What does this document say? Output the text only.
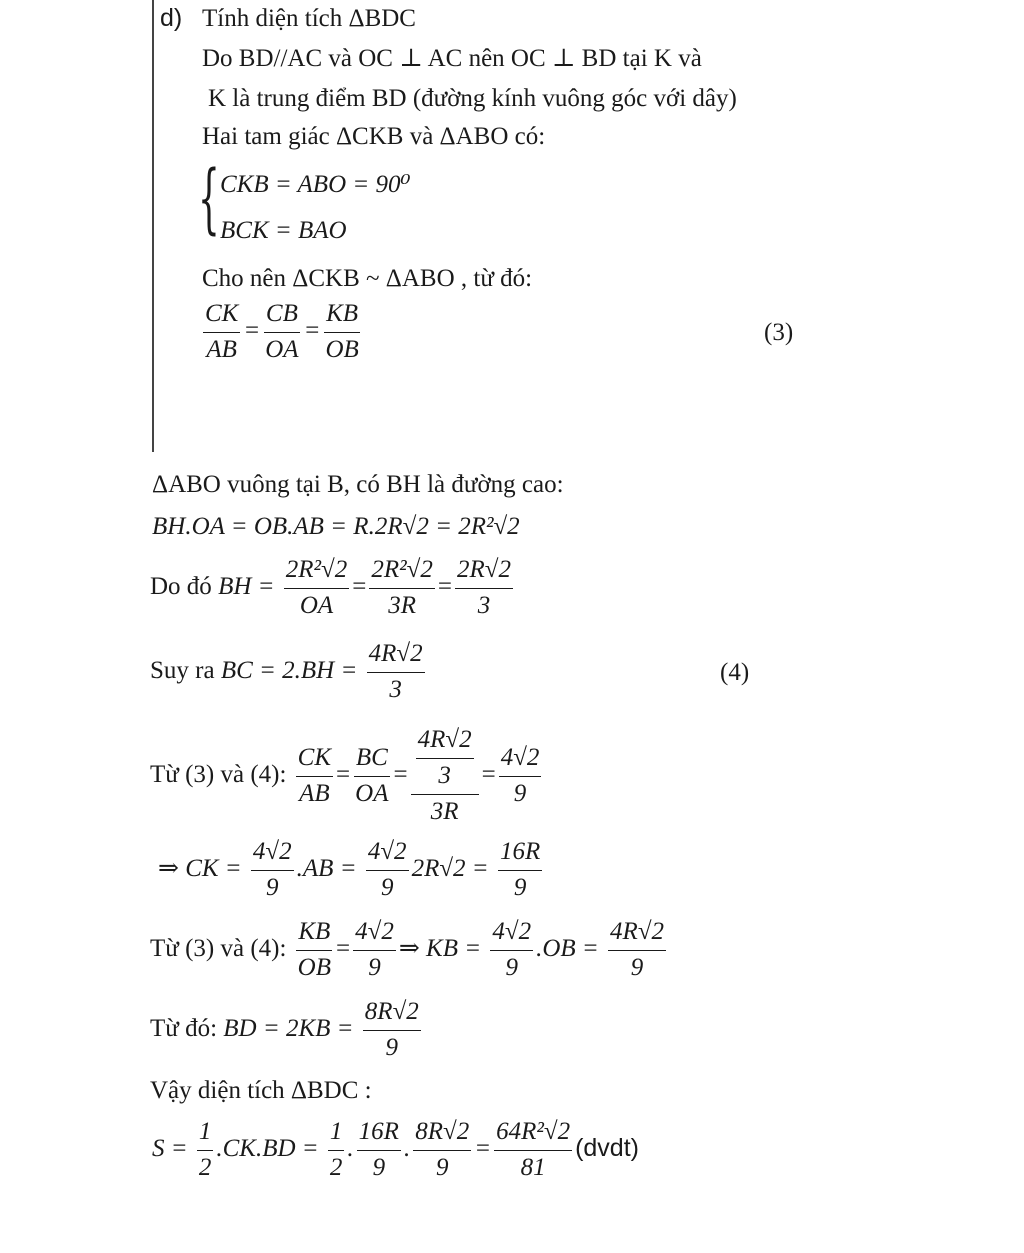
d) Tính diện tích ΔBDC
Do BD//AC và OC ⊥ AC nên OC ⊥ BD tại K và
K là trung điểm BD (đường kính vuông góc với dây)
Hai tam giác ΔCKB và ΔABO có:
{ CKB = ABO = 90⁰
BCK = BAO
Cho nên ΔCKB ~ ΔABO , từ đó:
$\frac{CK}{AB} = \frac{CB}{OA} = \frac{KB}{OB}$	(3)
ΔABO vuông tại B, có BH là đường cao:
BH.OA = OB.AB = R.2R√2 = 2R²√2
Do đó BH = $\frac{\text{2R²√2}}{OA} = \frac{\text{2R²√2}}{3R} = \frac{2R√2}{3}$
Suy ra BC = $2.BH = \frac{4R√2}{3}$	(4)
Từ (3) và (4): $\frac{CK}{AB} = \frac{BC}{OA} = \frac{\frac{4R√2}{3}}{3R} = \frac{4√2}{9}$
⇒ CK = $\frac{4√2}{9} .AB = \frac{4√2}{9} 2R√2 = \frac{16R}{9}$
Từ (3) và (4): $\frac{KB}{OB} = \frac{4√2}{9}$ ⇒ KB = $\frac{4√2}{9} .OB = \frac{4R√2}{9}$
Từ đó: BD = $2KB = \frac{8R√2}{9}$
Vậy diện tích ΔBDC :
$S = \frac{1}{2} .CK.BD = \frac{1}{2}$ . $\frac{16R}{9}$ . $\frac{8R√2}{9} = \frac{\text{64R²√2}}{81}$ (dvdt)
